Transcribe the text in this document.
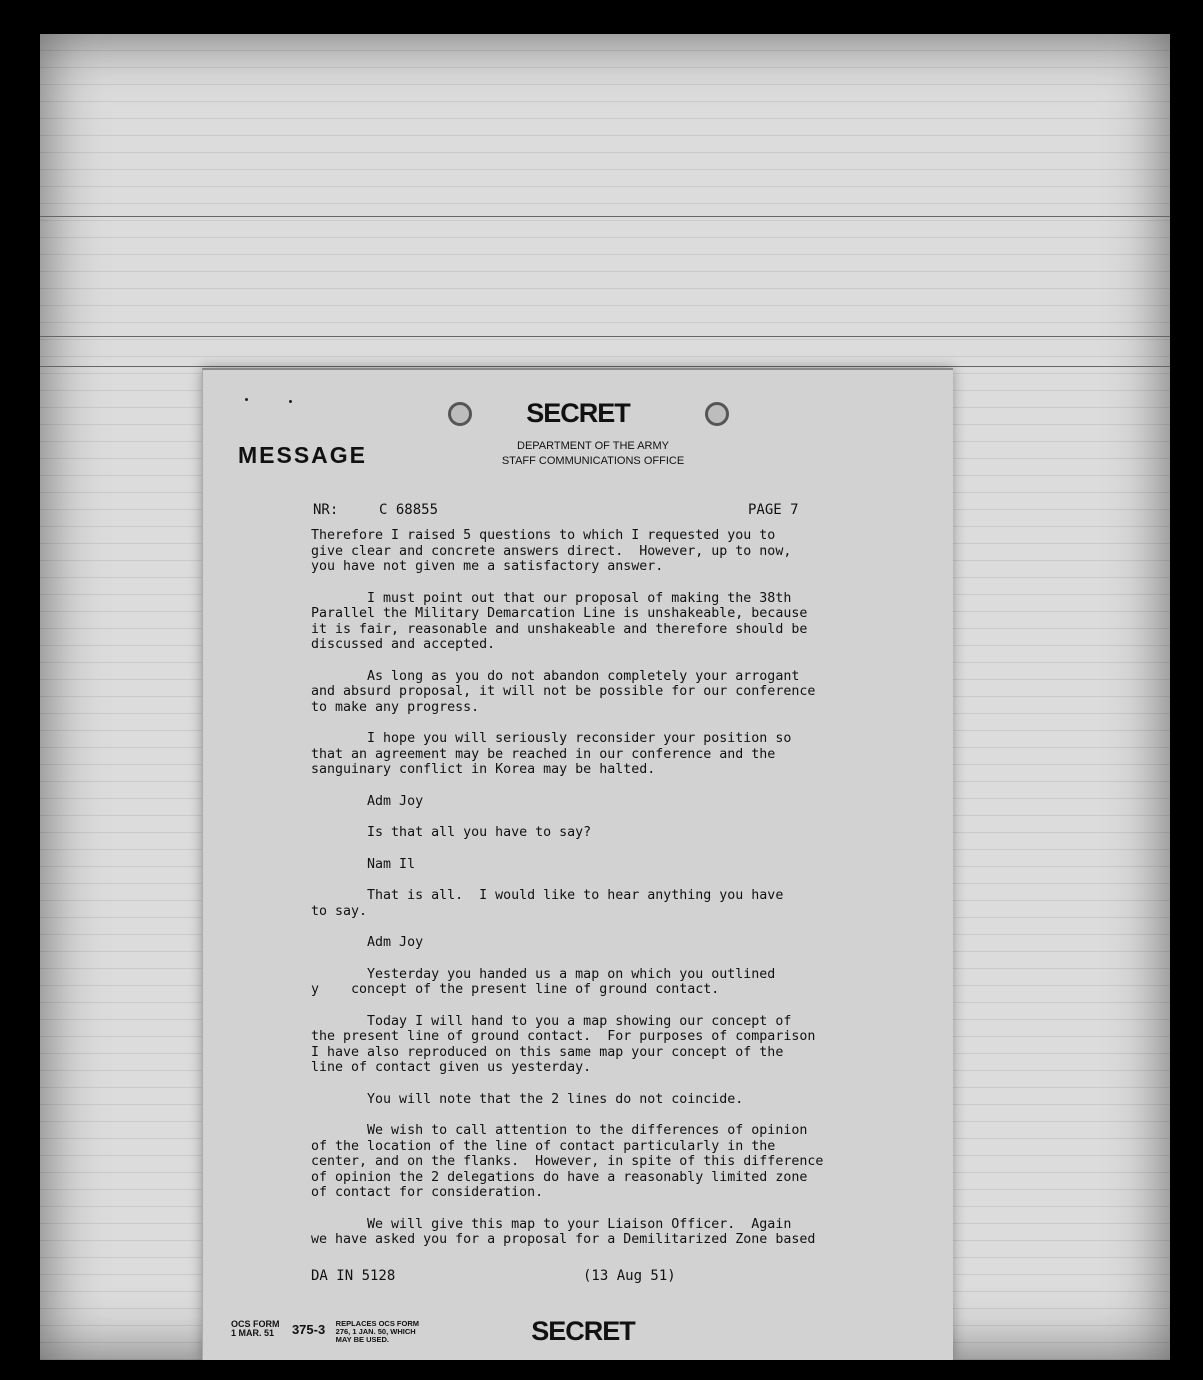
SECRET
MESSAGE	DEPARTMENT OF THE ARMY
STAFF COMMUNICATIONS OFFICE
NR:	C 68855	PAGE 7

Therefore I raised 5 questions to which I requested you to
give clear and concrete answers direct.  However, up to now,
you have not given me a satisfactory answer.

I must point out that our proposal of making the 38th
Parallel the Military Demarcation Line is unshakeable, because
it is fair, reasonable and unshakeable and therefore should be
discussed and accepted.

As long as you do not abandon completely your arrogant
and absurd proposal, it will not be possible for our conference
to make any progress.

I hope you will seriously reconsider your position so
that an agreement may be reached in our conference and the
sanguinary conflict in Korea may be halted.

Adm Joy

Is that all you have to say?

Nam Il

That is all.  I would like to hear anything you have
to say.

Adm Joy

Yesterday you handed us a map on which you outlined
y    concept of the present line of ground contact.

Today I will hand to you a map showing our concept of
the present line of ground contact.  For purposes of comparison
I have also reproduced on this same map your concept of the
line of contact given us yesterday.

You will note that the 2 lines do not coincide.

We wish to call attention to the differences of opinion
of the location of the line of contact particularly in the
center, and on the flanks.  However, in spite of this difference
of opinion the 2 delegations do have a reasonably limited zone
of contact for consideration.

We will give this map to your Liaison Officer.  Again
we have asked you for a proposal for a Demilitarized Zone based

DA IN 5128	(13 Aug 51)
OCS FORM
1 MAR. 51 375-3 REPLACES OCS FORM
276, 1 JAN. 50, WHICH
MAY BE USED.	SECRET
